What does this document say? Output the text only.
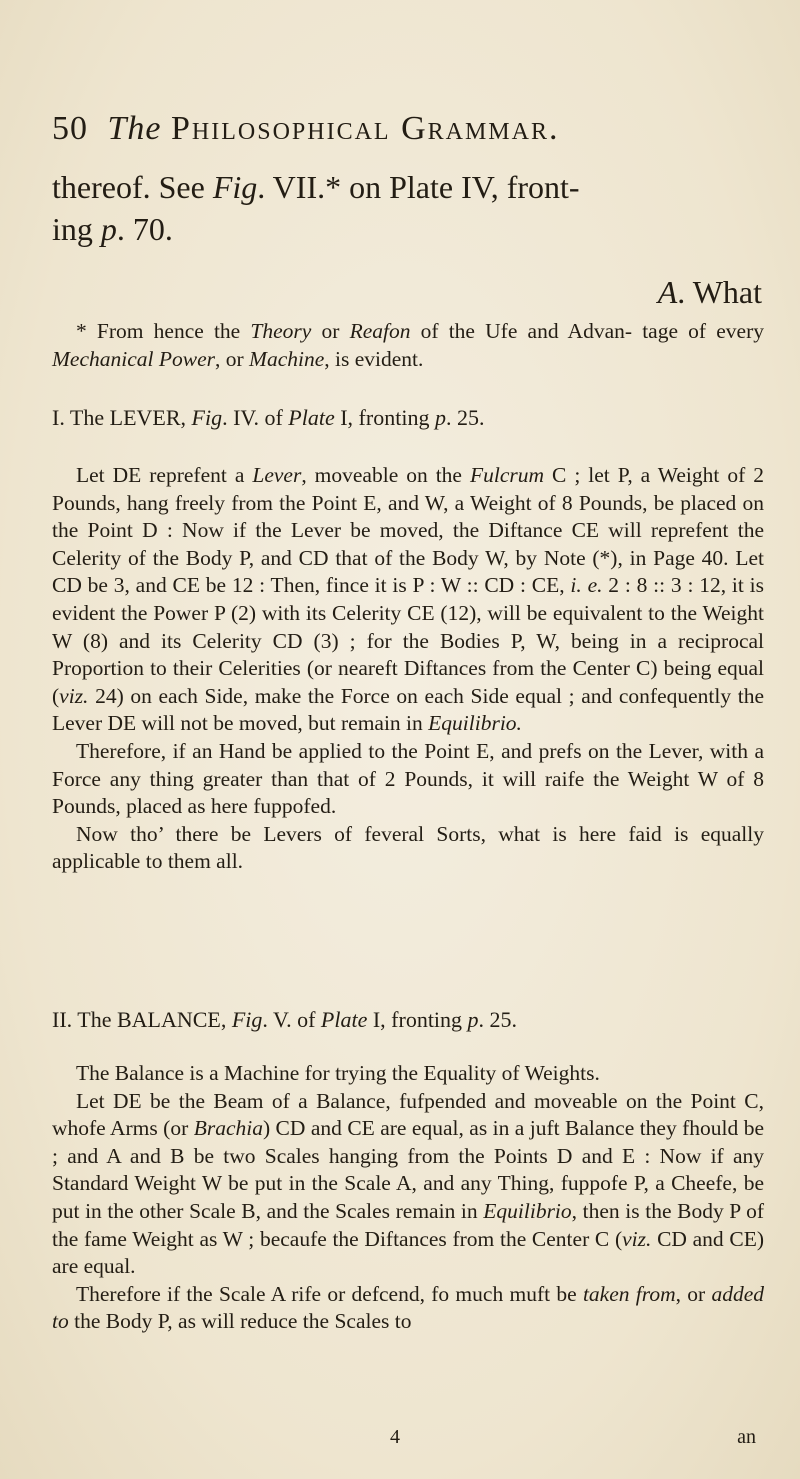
50 The Philosophical Grammar.
thereof. See Fig. VII.* on Plate IV, front-
ing p. 70.
A. What

* From hence the Theory or Reafon of the Ufe and Advan- tage of every Mechanical Power, or Machine, is evident.

I. The LEVER, Fig. IV. of Plate I, fronting p. 25.

Let DE reprefent a Lever, moveable on the Fulcrum C ; let P, a Weight of 2 Pounds, hang freely from the Point E, and W, a Weight of 8 Pounds, be placed on the Point D : Now if the Lever be moved, the Diftance CE will reprefent the Celerity of the Body P, and CD that of the Body W, by Note (*), in Page 40. Let CD be 3, and CE be 12 : Then, fince it is P : W :: CD : CE, i. e. 2 : 8 :: 3 : 12, it is evident the Power P (2) with its Celerity CE (12), will be equivalent to the Weight W (8) and its Celerity CD (3) ; for the Bodies P, W, being in a reciprocal Proportion to their Celerities (or neareft Diftances from the Center C) being equal (viz. 24) on each Side, make the Force on each Side equal ; and confequently the Lever DE will not be moved, but remain in Equilibrio.

Therefore, if an Hand be applied to the Point E, and prefs on the Lever, with a Force any thing greater than that of 2 Pounds, it will raife the Weight W of 8 Pounds, placed as here fuppofed.

Now tho’ there be Levers of feveral Sorts, what is here faid is equally applicable to them all.

II. The BALANCE, Fig. V. of Plate I, fronting p. 25.

The Balance is a Machine for trying the Equality of Weights.

Let DE be the Beam of a Balance, fufpended and moveable on the Point C, whofe Arms (or Brachia) CD and CE are equal, as in a juft Balance they fhould be ; and A and B be two Scales hanging from the Points D and E : Now if any Standard Weight W be put in the Scale A, and any Thing, fuppofe P, a Cheefe, be put in the other Scale B, and the Scales remain in Equilibrio, then is the Body P of the fame Weight as W ; becaufe the Diftances from the Center C (viz. CD and CE) are equal.

Therefore if the Scale A rife or defcend, fo much muft be taken from, or added to the Body P, as will reduce the Scales to

4	an
